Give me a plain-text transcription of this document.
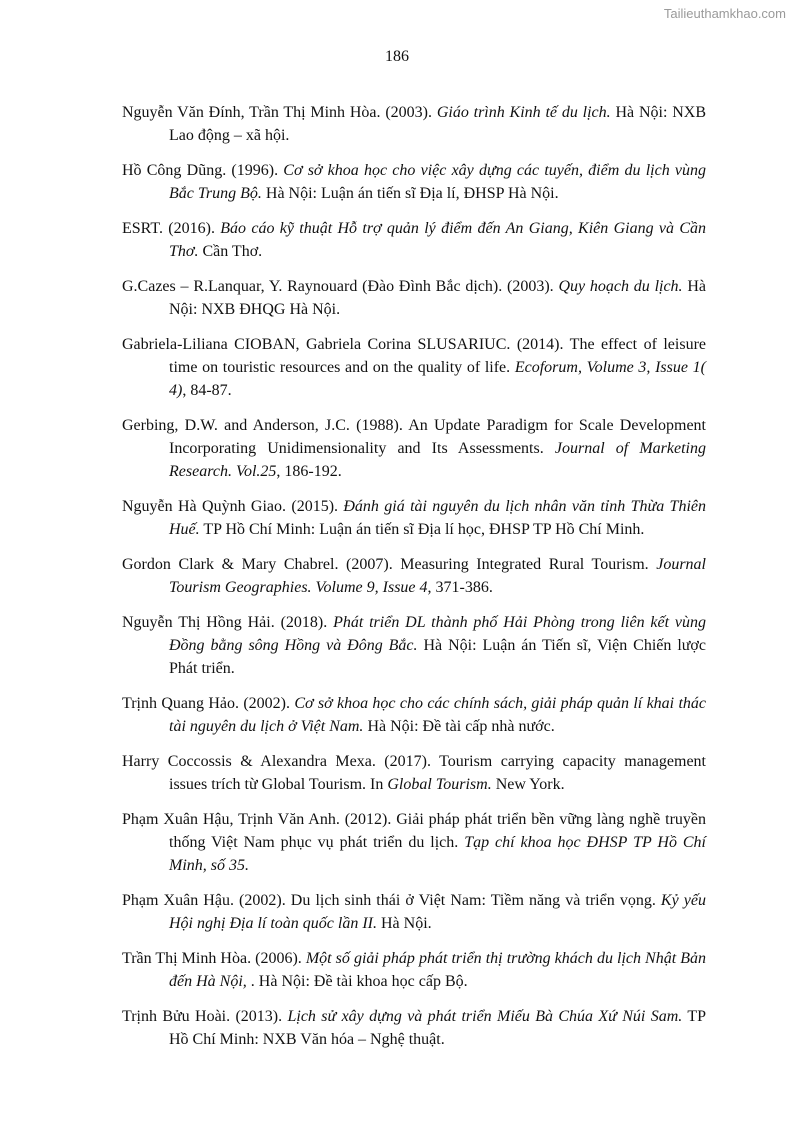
Tailieuthamkhao.com
186
Nguyễn Văn Đính, Trần Thị Minh Hòa. (2003). Giáo trình Kinh tế du lịch. Hà Nội: NXB Lao động – xã hội.
Hồ Công Dũng. (1996). Cơ sở khoa học cho việc xây dựng các tuyến, điểm du lịch vùng Bắc Trung Bộ. Hà Nội: Luận án tiến sĩ Địa lí, ĐHSP Hà Nội.
ESRT. (2016). Báo cáo kỹ thuật Hỗ trợ quản lý điểm đến An Giang, Kiên Giang và Cần Thơ. Cần Thơ.
G.Cazes – R.Lanquar, Y. Raynouard (Đào Đình Bắc dịch). (2003). Quy hoạch du lịch. Hà Nội: NXB ĐHQG Hà Nội.
Gabriela-Liliana CIOBAN, Gabriela Corina SLUSARIUC. (2014). The effect of leisure time on touristic resources and on the quality of life. Ecoforum, Volume 3, Issue 1( 4), 84-87.
Gerbing, D.W. and Anderson, J.C. (1988). An Update Paradigm for Scale Development Incorporating Unidimensionality and Its Assessments. Journal of Marketing Research. Vol.25, 186-192.
Nguyễn Hà Quỳnh Giao. (2015). Đánh giá tài nguyên du lịch nhân văn tỉnh Thừa Thiên Huế. TP Hồ Chí Minh: Luận án tiến sĩ Địa lí học, ĐHSP TP Hồ Chí Minh.
Gordon Clark & Mary Chabrel. (2007). Measuring Integrated Rural Tourism. Journal Tourism Geographies. Volume 9, Issue 4, 371-386.
Nguyễn Thị Hồng Hải. (2018). Phát triển DL thành phố Hải Phòng trong liên kết vùng Đồng bằng sông Hồng và Đông Bắc. Hà Nội: Luận án Tiến sĩ, Viện Chiến lược Phát triển.
Trịnh Quang Hảo. (2002). Cơ sở khoa học cho các chính sách, giải pháp quản lí khai thác tài nguyên du lịch ở Việt Nam. Hà Nội: Đề tài cấp nhà nước.
Harry Coccossis & Alexandra Mexa. (2017). Tourism carrying capacity management issues trích từ Global Tourism. In Global Tourism. New York.
Phạm Xuân Hậu, Trịnh Văn Anh. (2012). Giải pháp phát triển bền vững làng nghề truyền thống Việt Nam phục vụ phát triển du lịch. Tạp chí khoa học ĐHSP TP Hồ Chí Minh, số 35.
Phạm Xuân Hậu. (2002). Du lịch sinh thái ở Việt Nam: Tiềm năng và triển vọng. Kỷ yếu Hội nghị Địa lí toàn quốc lần II. Hà Nội.
Trần Thị Minh Hòa. (2006). Một số giải pháp phát triển thị trường khách du lịch Nhật Bản đến Hà Nội, . Hà Nội: Đề tài khoa học cấp Bộ.
Trịnh Bửu Hoài. (2013). Lịch sử xây dựng và phát triển Miếu Bà Chúa Xứ Núi Sam. TP Hồ Chí Minh: NXB Văn hóa – Nghệ thuật.
